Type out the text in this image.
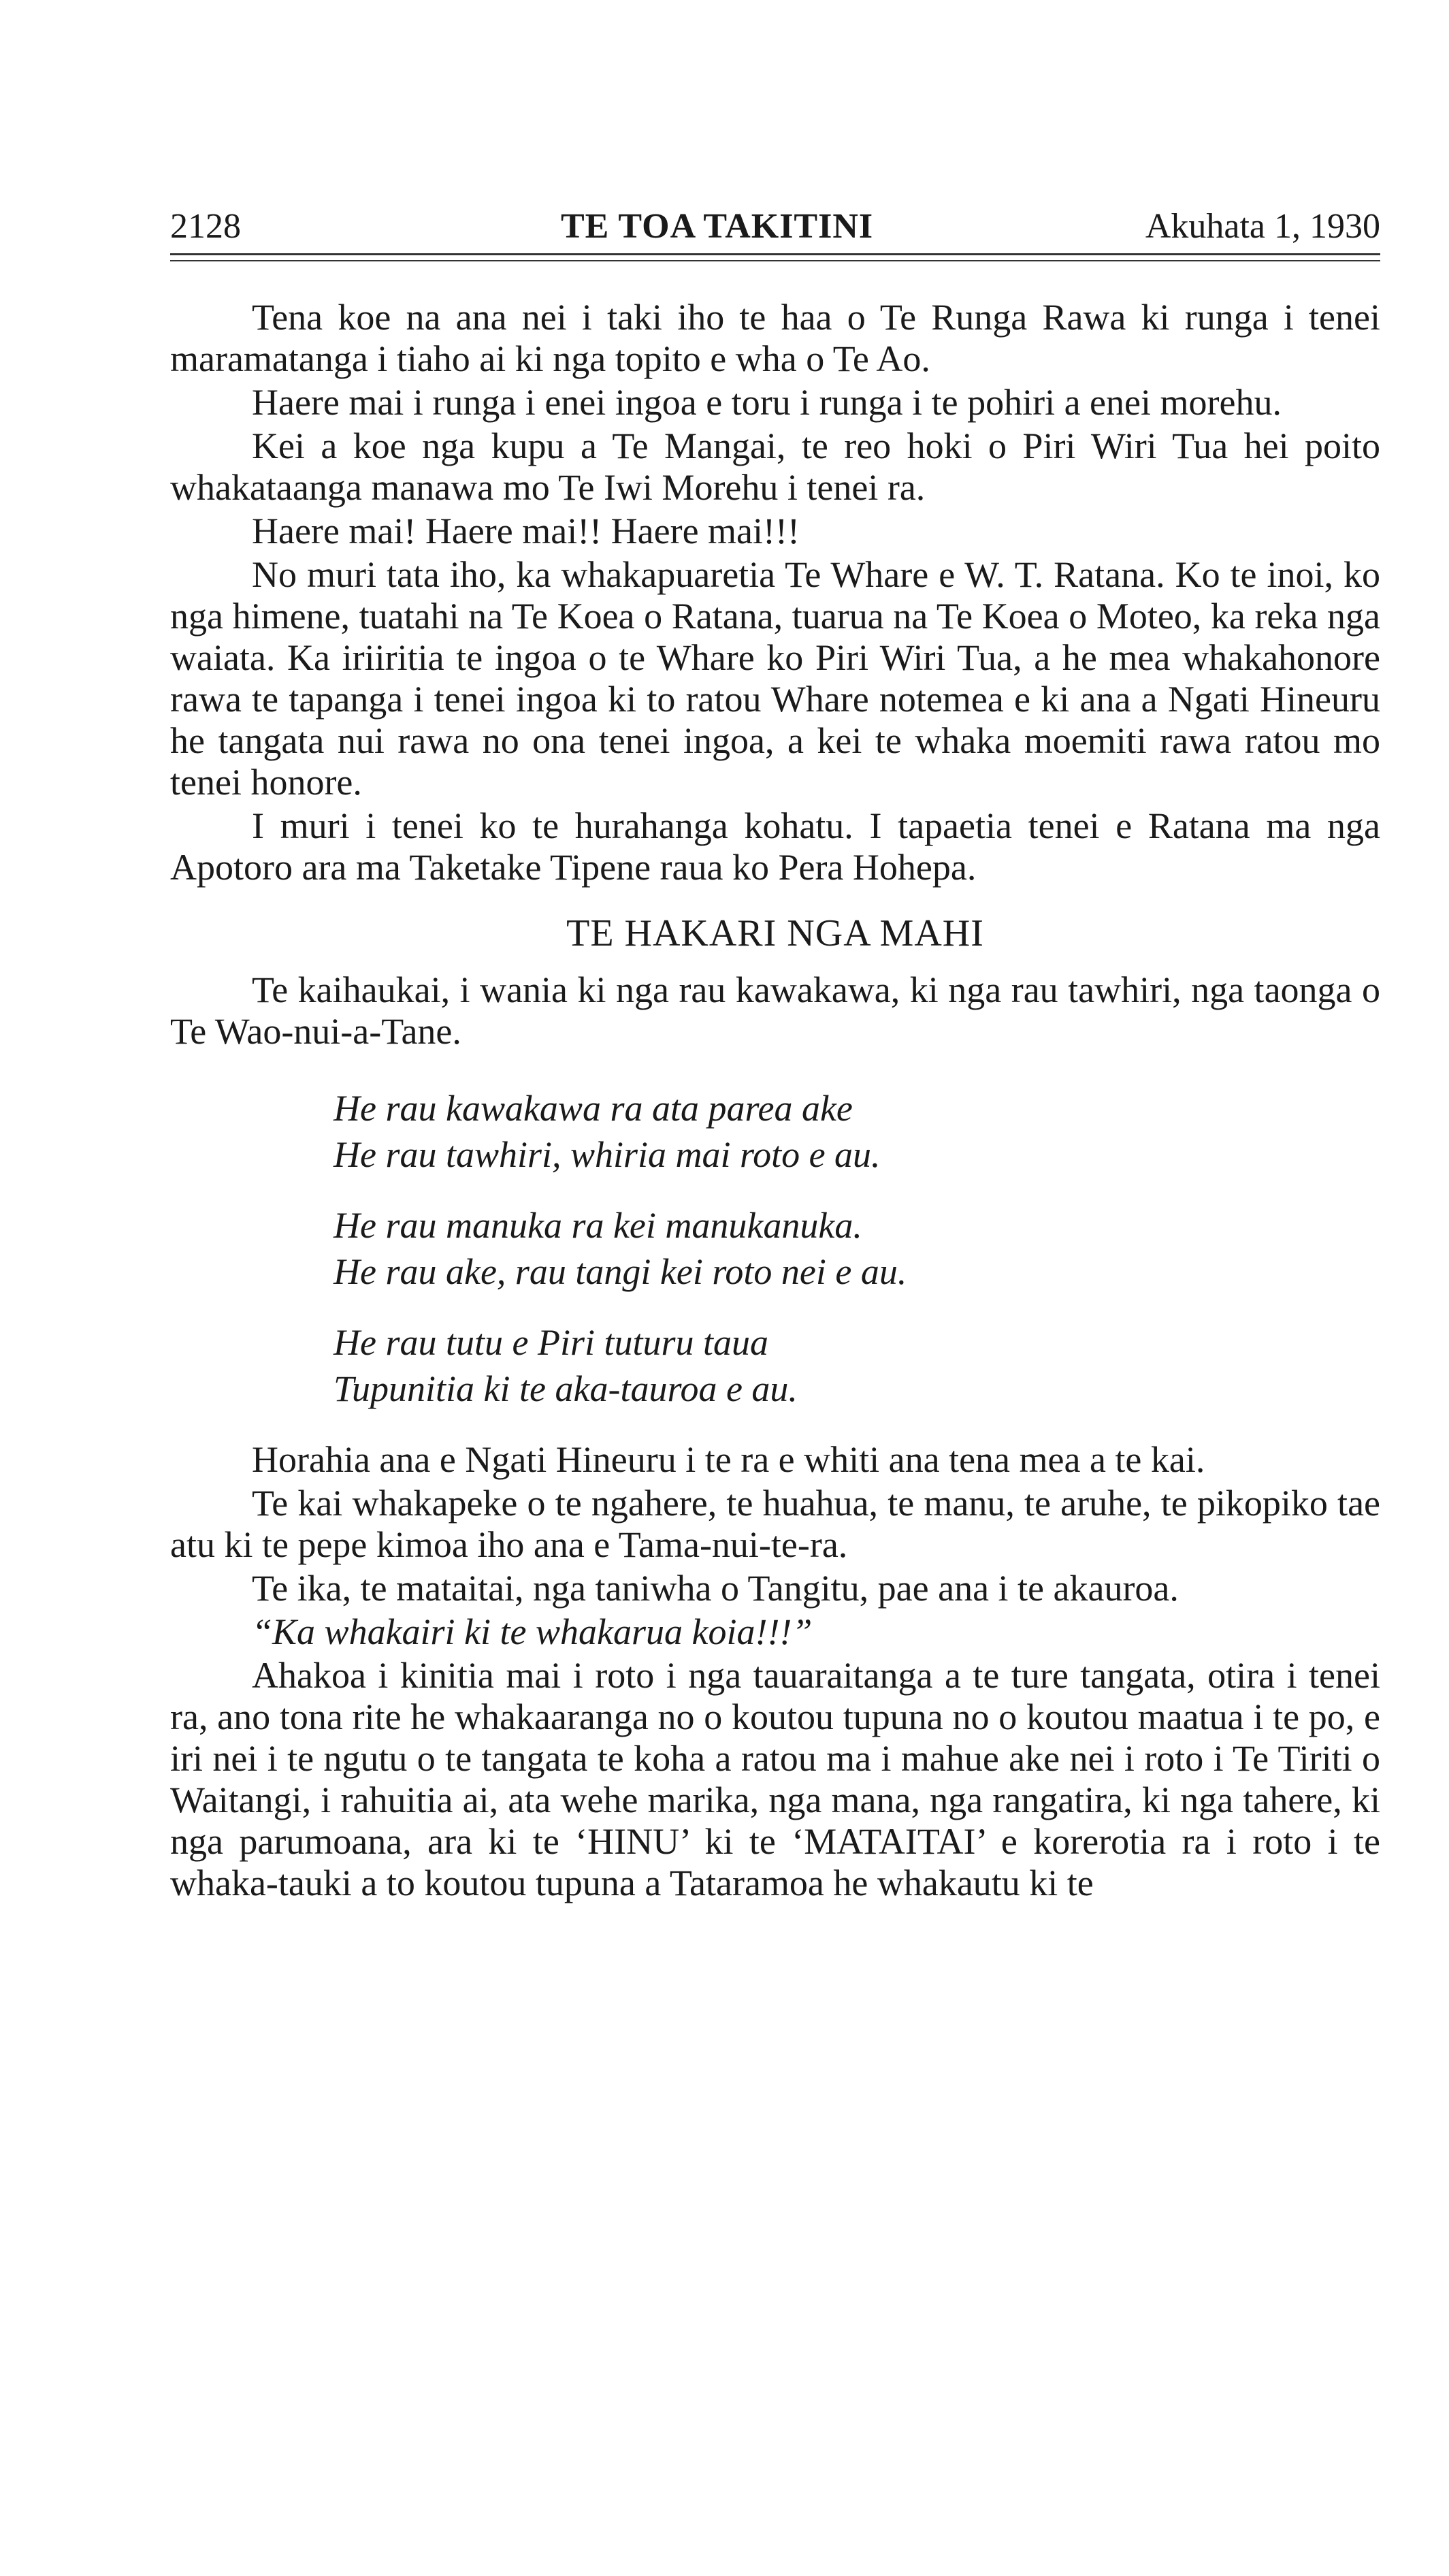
2128	TE TOA TAKITINI	Akuhata 1, 1930

Tena koe na ana nei i taki iho te haa o Te Runga Rawa ki runga i tenei maramatanga i tiaho ai ki nga topito e wha o Te Ao.

Haere mai i runga i enei ingoa e toru i runga i te pohiri a enei morehu.

Kei a koe nga kupu a Te Mangai, te reo hoki o Piri Wiri Tua hei poito whakataanga manawa mo Te Iwi Morehu i tenei ra.

Haere mai! Haere mai!! Haere mai!!!

No muri tata iho, ka whakapuaretia Te Whare e W. T. Ratana. Ko te inoi, ko nga himene, tuatahi na Te Koea o Ratana, tuarua na Te Koea o Moteo, ka reka nga waiata. Ka iriiritia te ingoa o te Whare ko Piri Wiri Tua, a he mea whakahonore rawa te tapanga i tenei ingoa ki to ratou Whare notemea e ki ana a Ngati Hineuru he tangata nui rawa no ona tenei ingoa, a kei te whaka moemiti rawa ratou mo tenei honore.

I muri i tenei ko te hurahanga kohatu. I tapaetia tenei e Ratana ma nga Apotoro ara ma Taketake Tipene raua ko Pera Hohepa.

TE HAKARI NGA MAHI

Te kaihaukai, i wania ki nga rau kawakawa, ki nga rau tawhiri, nga taonga o Te Wao-nui-a-Tane.

He rau kawakawa ra ata parea ake
He rau tawhiri, whiria mai roto e au.
He rau manuka ra kei manukanuka.
He rau ake, rau tangi kei roto nei e au.
He rau tutu e Piri tuturu taua
Tupunitia ki te aka-tauroa e au.

Horahia ana e Ngati Hineuru i te ra e whiti ana tena mea a te kai.

Te kai whakapeke o te ngahere, te huahua, te manu, te aruhe, te pikopiko tae atu ki te pepe kimoa iho ana e Tama-nui-te-ra.

Te ika, te mataitai, nga taniwha o Tangitu, pae ana i te akauroa.

“Ka whakairi ki te whakarua koia!!!”

Ahakoa i kinitia mai i roto i nga tauaraitanga a te ture tangata, otira i tenei ra, ano tona rite he whakaaranga no o koutou tupuna no o koutou maatua i te po, e iri nei i te ngutu o te tangata te koha a ratou ma i mahue ake nei i roto i Te Tiriti o Waitangi, i rahuitia ai, ata wehe marika, nga mana, nga rangatira, ki nga tahere, ki nga parumoana, ara ki te ‘HINU’ ki te ‘MATAITAI’ e korerotia ra i roto i te whaka-tauki a to koutou tupuna a Tataramoa he whakautu ki te
